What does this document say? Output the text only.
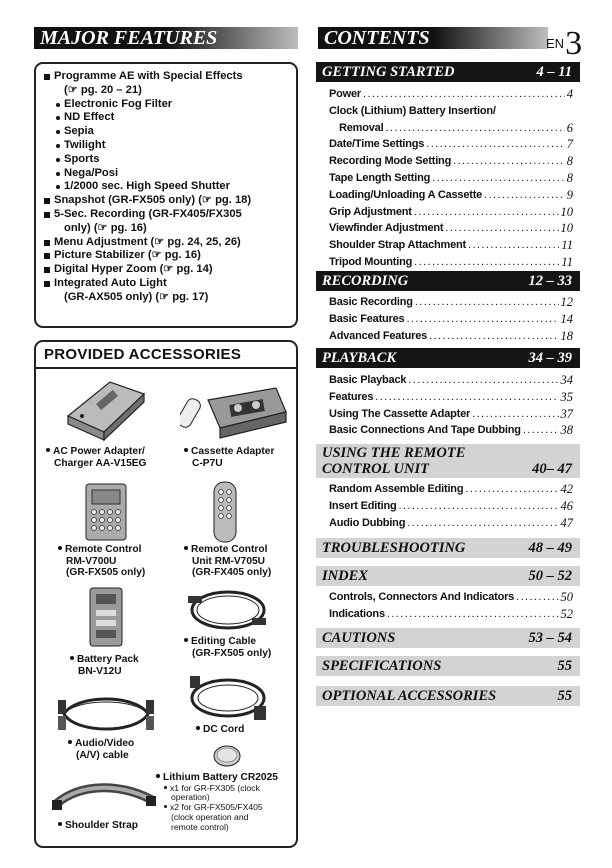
MAJOR FEATURES	CONTENTS	EN3
Programme AE with Special Effects
(☞ pg. 20 – 21)
Electronic Fog Filter
ND Effect
Sepia
Twilight
Sports
Nega/Posi
1/2000 sec. High Speed Shutter
Snapshot (GR-FX505 only) (☞ pg. 18)
5-Sec. Recording (GR-FX405/FX305
only) (☞ pg. 16)
Menu Adjustment (☞ pg. 24, 25, 26)
Picture Stabilizer (☞ pg. 16)
Digital Hyper Zoom (☞ pg. 14)
Integrated Auto Light
(GR-AX505 only) (☞ pg. 17)
PROVIDED ACCESSORIES
AC Power Adapter/
Charger AA-V15EG
Cassette Adapter
C-P7U
Remote Control
RM-V700U
(GR-FX505 only)
Remote Control
Unit RM-V705U
(GR-FX405 only)
Battery Pack
BN-V12U
Editing Cable
(GR-FX505 only)
DC Cord
Audio/Video
(A/V) cable
Lithium Battery CR2025
x1 for GR-FX305 (clock
operation)
x2 for GR-FX505/FX405
(clock operation and
remote control)
Shoulder Strap
GETTING STARTED	4 – 11
Power .....	4
Clock (Lithium) Battery Insertion/
Removal .....	6
Date/Time Settings .....	7
Recording Mode Setting .....	8
Tape Length Setting .....	8
Loading/Unloading A Cassette .....	9
Grip Adjustment .....	10
Viewfinder Adjustment .....	10
Shoulder Strap Attachment .....	11
Tripod Mounting .....	11
RECORDING	12 – 33
Basic Recording .....	12
Basic Features .....	14
Advanced Features .....	18
PLAYBACK	34 – 39
Basic Playback .....	34
Features .....	35
Using The Cassette Adapter .....	37
Basic Connections And Tape Dubbing .....	38
USING THE REMOTE
CONTROL UNIT	40– 47
Random Assemble Editing .....	42
Insert Editing .....	46
Audio Dubbing .....	47
TROUBLESHOOTING	48 – 49
INDEX	50 – 52
Controls, Connectors And Indicators .....	50
Indications .....	52
CAUTIONS	53 – 54
SPECIFICATIONS	55
OPTIONAL ACCESSORIES	55
